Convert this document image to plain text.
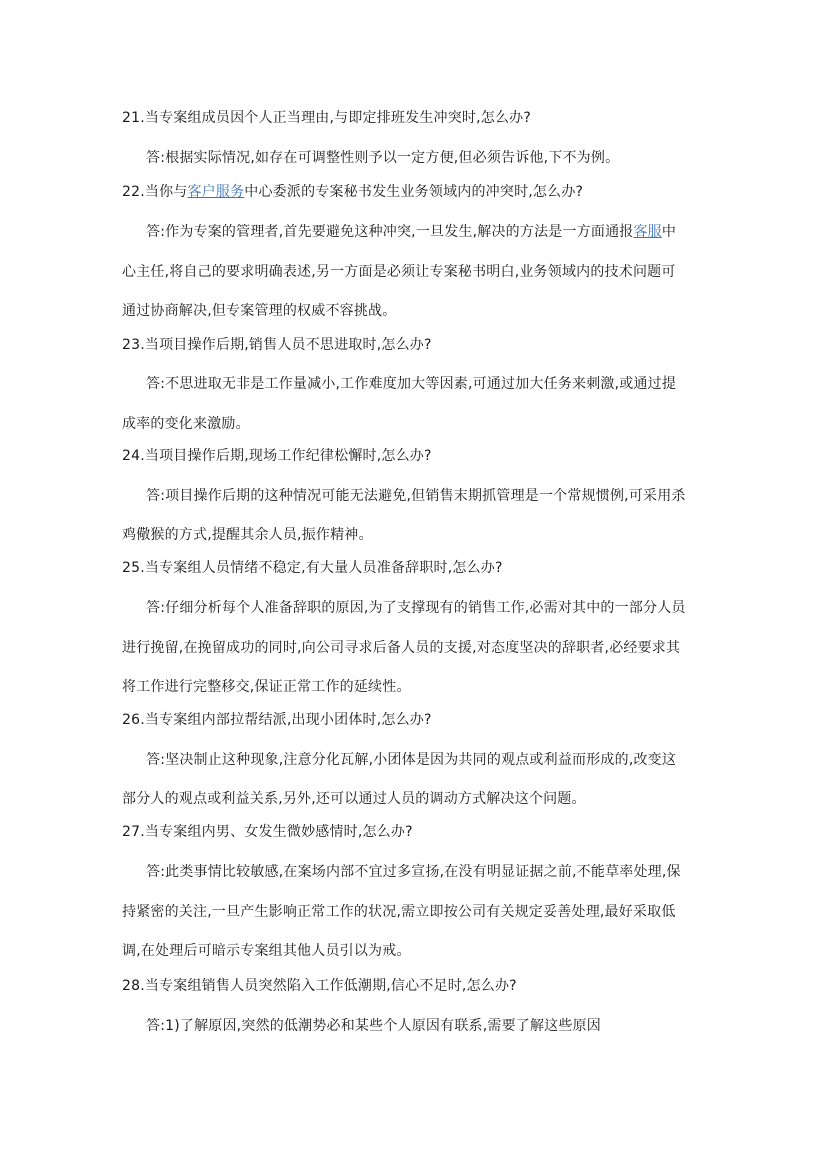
21.当专案组成员因个人正当理由,与即定排班发生冲突时,怎么办?
答:根据实际情况,如存在可调整性则予以一定方便,但必须告诉他,下不为例。
22.当你与客户服务中心委派的专案秘书发生业务领域内的冲突时,怎么办?
答:作为专案的管理者,首先要避免这种冲突,一旦发生,解决的方法是一方面通报客服中
心主任,将自己的要求明确表述,另一方面是必须让专案秘书明白,业务领域内的技术问题可
通过协商解决,但专案管理的权威不容挑战。
23.当项目操作后期,销售人员不思进取时,怎么办?
答:不思进取无非是工作量减小,工作难度加大等因素,可通过加大任务来刺激,或通过提
成率的变化来激励。
24.当项目操作后期,现场工作纪律松懈时,怎么办?
答:项目操作后期的这种情况可能无法避免,但销售末期抓管理是一个常规惯例,可采用杀
鸡儆猴的方式,提醒其余人员,振作精神。
25.当专案组人员情绪不稳定,有大量人员准备辞职时,怎么办?
答:仔细分析每个人准备辞职的原因,为了支撑现有的销售工作,必需对其中的一部分人员
进行挽留,在挽留成功的同时,向公司寻求后备人员的支援,对态度坚决的辞职者,必经要求其
将工作进行完整移交,保证正常工作的延续性。
26.当专案组内部拉帮结派,出现小团体时,怎么办?
答:坚决制止这种现象,注意分化瓦解,小团体是因为共同的观点或利益而形成的,改变这
部分人的观点或利益关系,另外,还可以通过人员的调动方式解决这个问题。
27.当专案组内男、女发生微妙感情时,怎么办?
答:此类事情比较敏感,在案场内部不宜过多宣扬,在没有明显证据之前,不能草率处理,保
持紧密的关注,一旦产生影响正常工作的状况,需立即按公司有关规定妥善处理,最好采取低
调,在处理后可暗示专案组其他人员引以为戒。
28.当专案组销售人员突然陷入工作低潮期,信心不足时,怎么办?
答:1)了解原因,突然的低潮势必和某些个人原因有联系,需要了解这些原因
